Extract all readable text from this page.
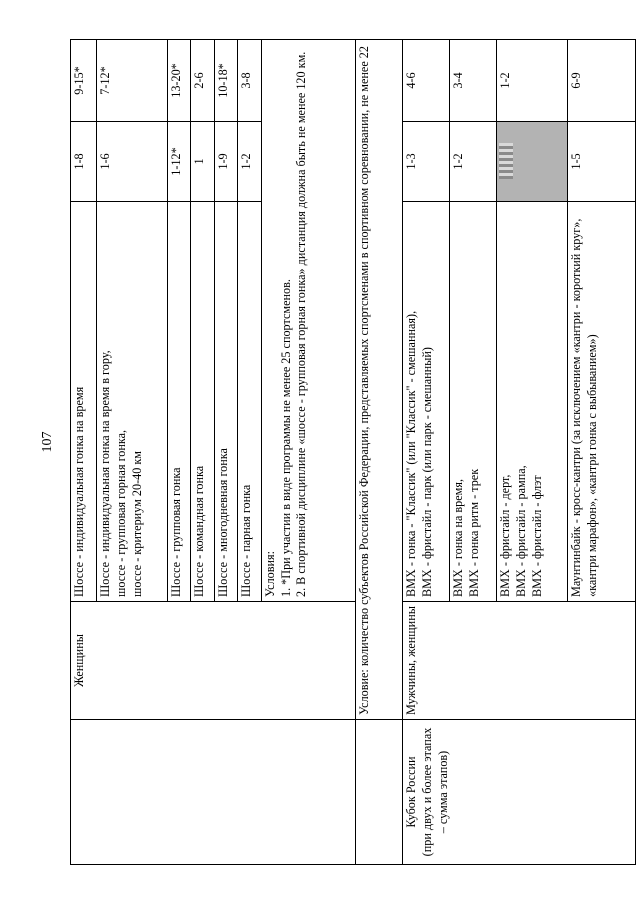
107
	Женщины	Шоссе - индивидуальная гонка на время	1-8	9-15*

		Шоссе - индивидуальная гонка на время в гору, шоссе - групповая горная гонка, шоссе - критериум 20-40 км	1-6	7-12*
		Шоссе - групповая гонка	1-12*	13-20*
		Шоссе - командная гонка	1	2-6
		Шоссе - многодневная гонка	1-9	10-18*
		Шоссе - парная гонка	1-2	3-8

		Условия: 1. *При участии в виде программы не менее 25 спортсменов. 2. В спортивной дисциплине «шоссе - групповая горная гонка» дистанция должна быть не менее 120 км.		

	Условие: количество субъектов Российской Федерации, представляемых спортсменами в спортивном соревновании, не менее 22			

Кубок России (при двух и более этапах – сумма этапов)	Мужчины, женщины	ВМХ - гонка - "Классик" (или "Классик" - смешанная), ВМХ - фристайл - парк (или парк - смешанный)	1-3	4-6

		ВМХ - гонка на время, ВМХ - гонка ритм - трек	1-2	3-4

		ВМХ - фристайл - дерт, ВМХ - фристайл - рампа, ВМХ - фристайл - флэт		1-2
		Маунтинбайк - кросс-кантри (за исключением «кантри - короткий круг», «кантри марафон», «кантри гонка с выбыванием»)	1-5	6-9
